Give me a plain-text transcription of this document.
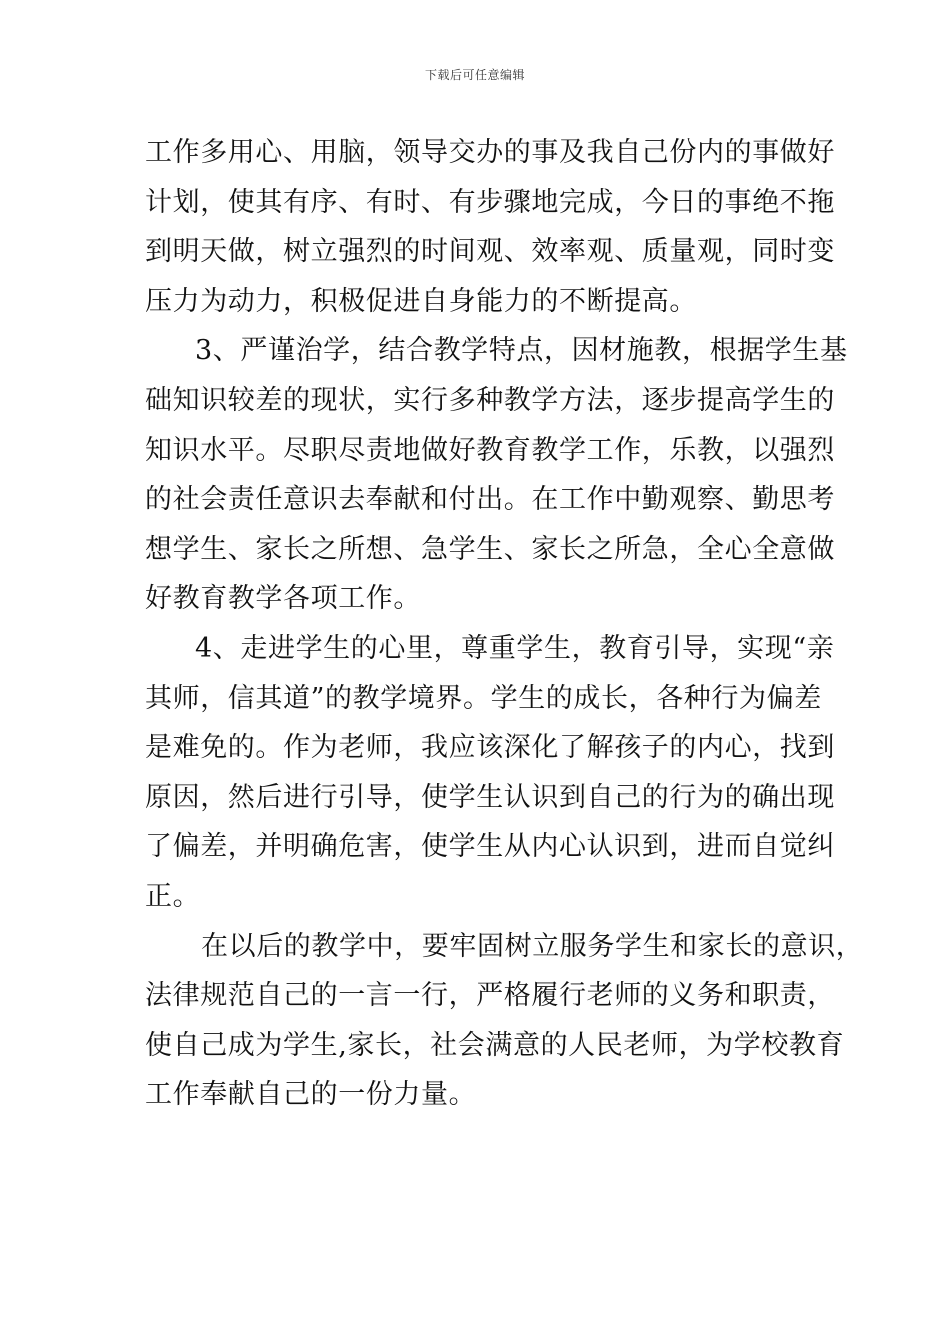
下载后可任意编辑
工作多用心、用脑，领导交办的事及我自己份内的事做好
计划，使其有序、有时、有步骤地完成，今日的事绝不拖
到明天做，树立强烈的时间观、效率观、质量观，同时变
压力为动力，积极促进自身能力的不断提高。
3、严谨治学，结合教学特点，因材施教，根据学生基
础知识较差的现状，实行多种教学方法，逐步提高学生的
知识水平。尽职尽责地做好教育教学工作，乐教，以强烈
的社会责任意识去奉献和付出。在工作中勤观察、勤思考
想学生、家长之所想、急学生、家长之所急，全心全意做
好教育教学各项工作。
4、走进学生的心里，尊重学生，教育引导，实现“亲
其师，信其道”的教学境界。学生的成长，各种行为偏差
是难免的。作为老师，我应该深化了解孩子的内心，找到
原因，然后进行引导，使学生认识到自己的行为的确出现
了偏差，并明确危害，使学生从内心认识到，进而自觉纠
正。
在以后的教学中，要牢固树立服务学生和家长的意识，
法律规范自己的一言一行，严格履行老师的义务和职责，
使自己成为学生,家长，社会满意的人民老师，为学校教育
工作奉献自己的一份力量。
